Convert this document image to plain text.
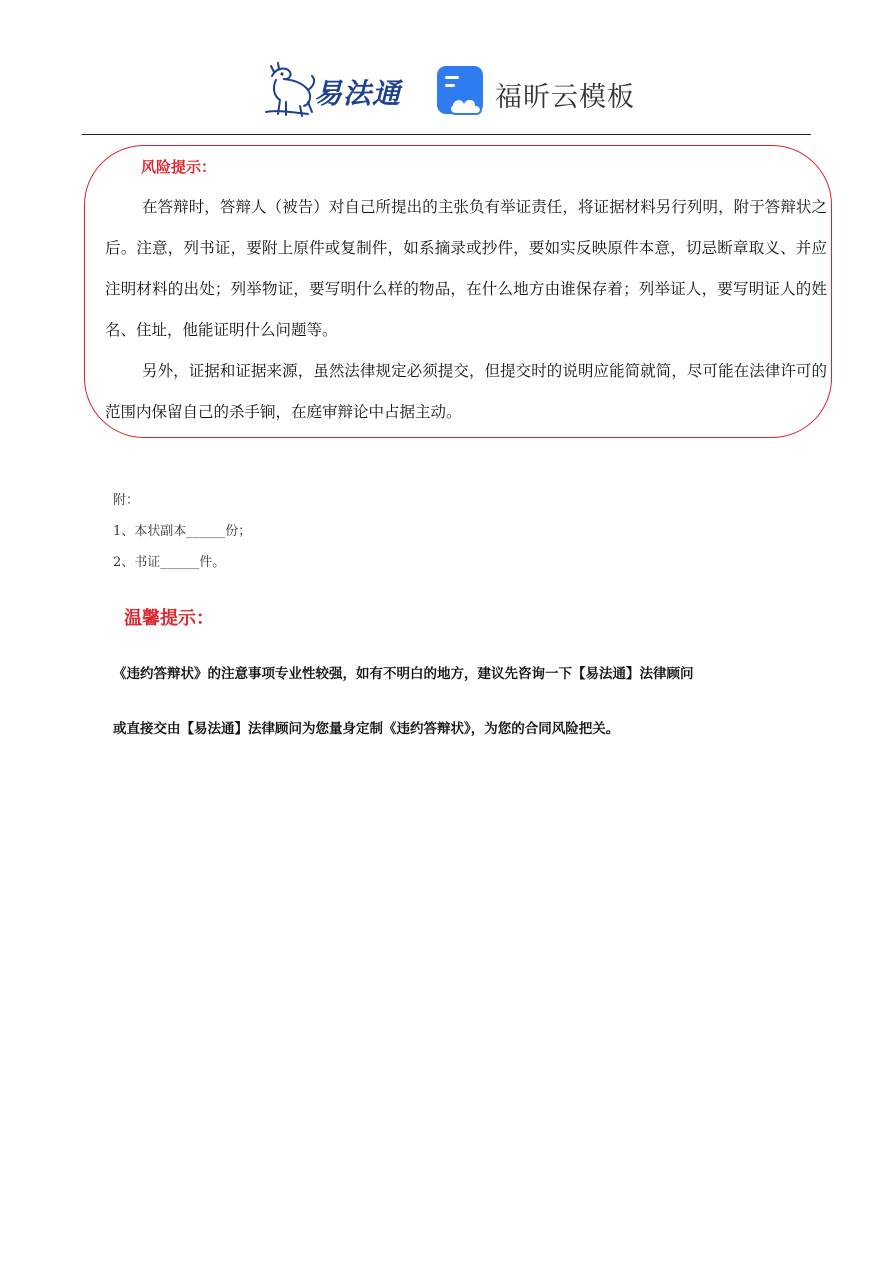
易法通	福昕云模板
风险提示：
在答辩时，答辩人（被告）对自己所提出的主张负有举证责任，将证据材料另行列明，附于答辩状之后。注意，列书证，要附上原件或复制件，如系摘录或抄件，要如实反映原件本意，切忌断章取义、并应注明材料的出处；列举物证，要写明什么样的物品，在什么地方由谁保存着；列举证人，要写明证人的姓名、住址，他能证明什么问题等。
另外，证据和证据来源，虽然法律规定必须提交，但提交时的说明应能简就简，尽可能在法律许可的范围内保留自己的杀手锏，在庭审辩论中占据主动。
附：
1、本状副本______份；
2、书证______件。
温馨提示：
《违约答辩状》的注意事项专业性较强，如有不明白的地方，建议先咨询一下【易法通】法律顾问
或直接交由【易法通】法律顾问为您量身定制《违约答辩状》，为您的合同风险把关。
